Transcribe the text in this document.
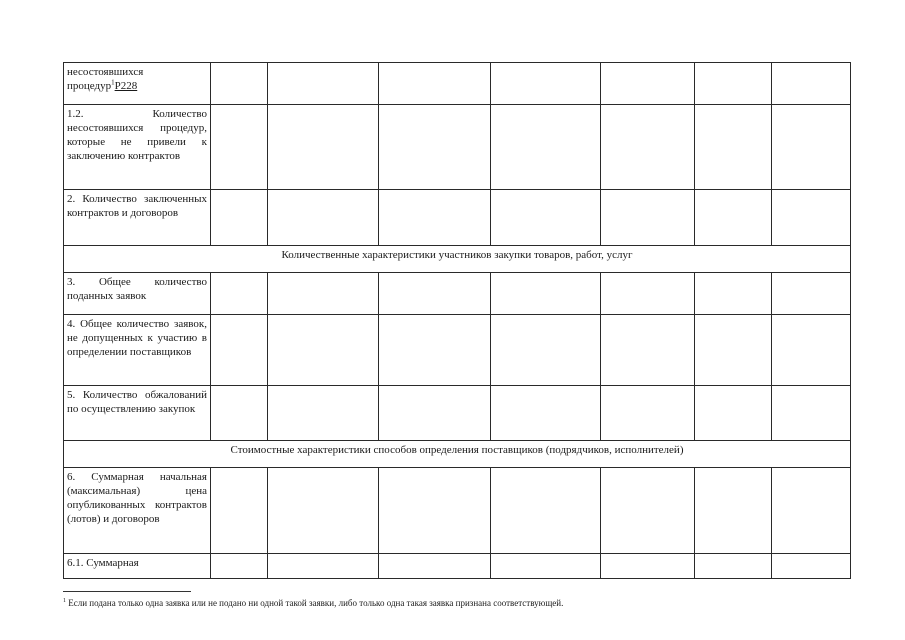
несостоявшихся процедур$^1$P228							
1.2. Количество несостоявшихся процедур, которые не привели к заключению контрактов							
2. Количество заключенных контрактов и договоров							
Количественные характеристики участников закупки товаров, работ, услуг							
3. Общее количество поданных заявок							
4. Общее количество заявок, не допущенных к участию в определении поставщиков							
5. Количество обжалований по осуществлению закупок							
Стоимостные характеристики способов определения поставщиков (подрядчиков, исполнителей)							
6. Суммарная начальная (максимальная) цена опубликованных контрактов (лотов) и договоров							
6.1. Суммарная							
$^1$ Если подана только одна заявка или не подано ни одной такой заявки, либо только одна такая заявка признана соответствующей.
